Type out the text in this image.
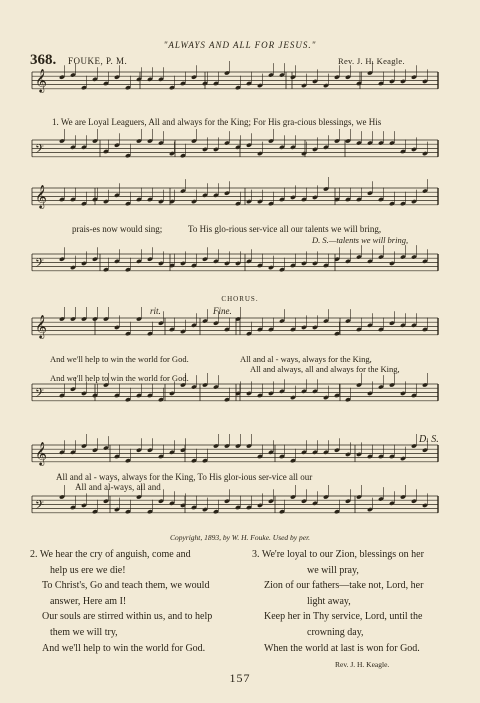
"ALWAYS AND ALL FOR JESUS."
368. FOUKE, P. M.	Rev. J. H. Keagle.
𝄞
𝄢
𝄞
𝄢
𝄞
𝄢
𝄞
𝄢
1. We are Loyal Leaguers, All and always for the King; For His gra-cious blessings, we His
prais-es now would sing;	To His glo-rious ser-vice all our talents we will bring,
D. S.—talents we will bring,
CHORUS.
rit.	Fine.
And we'll help to win the world for God.	All and al - ways, always for the King,
All and always, all and always for the King,
And we'll help to win the world for God.
D. S.
All and al - ways, always for the King, To His glor-ious ser-vice all our
All and al-ways, all and
Copyright, 1893, by W. H. Fouke. Used by per.
2. We hear the cry of anguish, come and
help us ere we die!
To Christ's, Go and teach them, we would
answer, Here am I!
Our souls are stirred within us, and to help
them we will try,
And we'll help to win the world for God.
3. We're loyal to our Zion, blessings on her
we will pray,
Zion of our fathers—take not, Lord, her
light away,
Keep her in Thy service, Lord, until the
crowning day,
When the world at last is won for God.
Rev. J. H. Keagle.
157
